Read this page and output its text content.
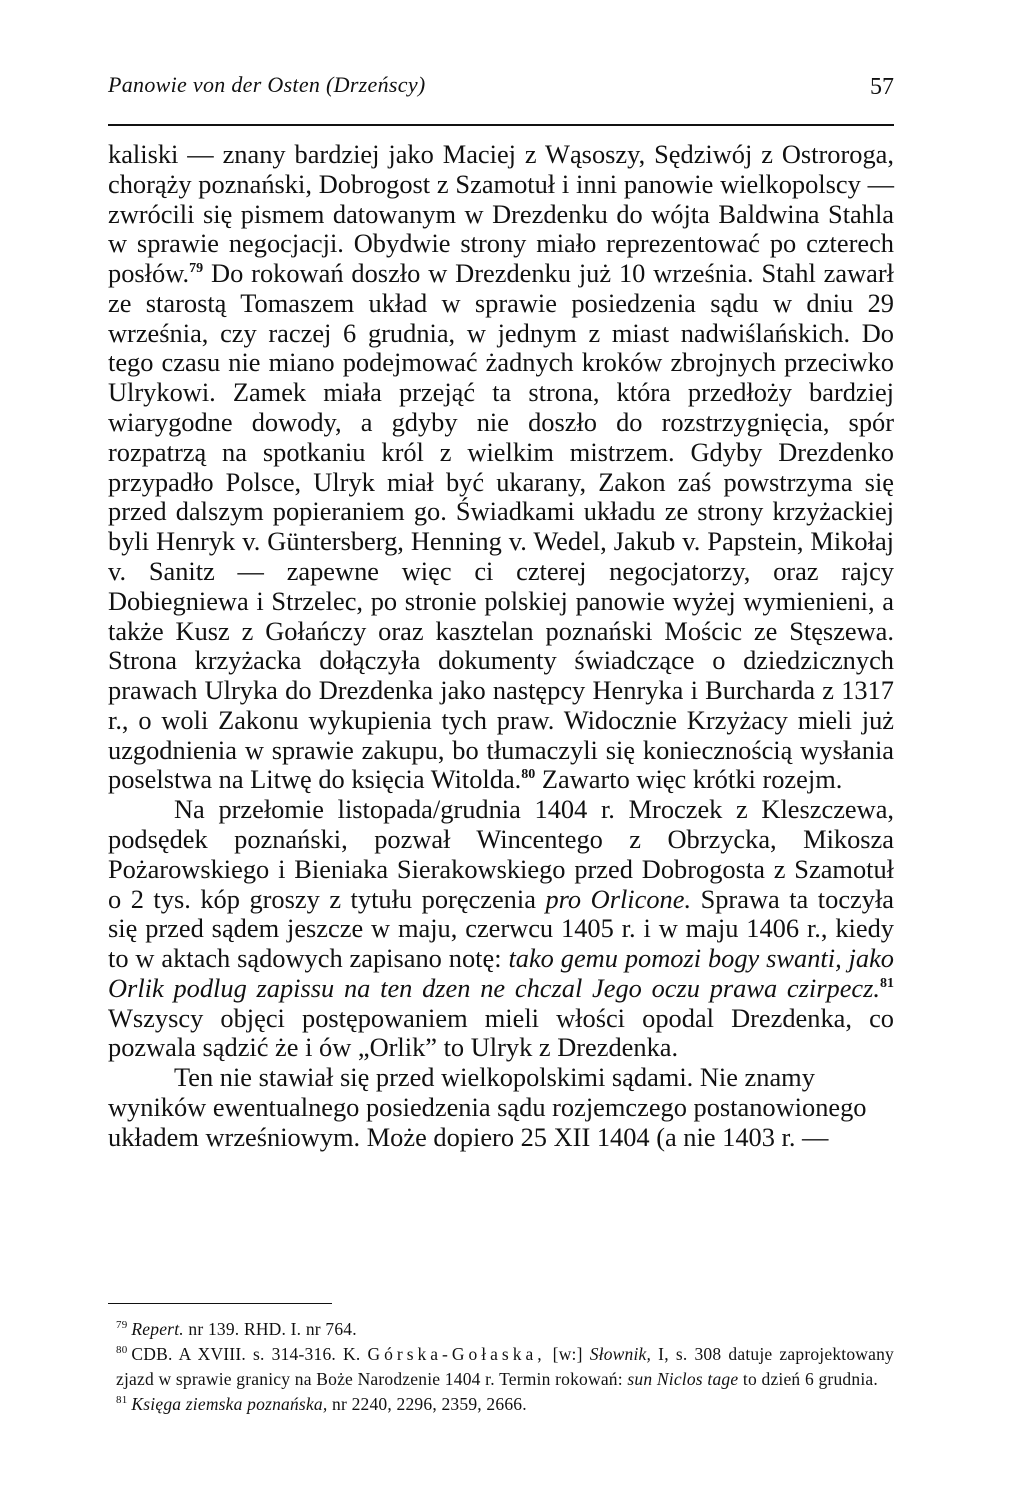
Panowie von der Osten (Drzeńscy)	57

kaliski — znany bardziej jako Maciej z Wąsoszy, Sędziwój z Ostroroga, chorąży poznański, Dobrogost z Szamotuł i inni panowie wielkopolscy — zwrócili się pismem datowanym w Drezdenku do wójta Baldwina Stahla w sprawie negocjacji. Obydwie strony miało reprezentować po czterech posłów.$^{79}$ Do rokowań doszło w Drezdenku już 10 września. Stahl zawarł ze starostą Tomaszem układ w sprawie posiedzenia sądu w dniu 29 września, czy raczej 6 grudnia, w jednym z miast nadwiślańskich. Do tego czasu nie miano podejmować żadnych kroków zbrojnych przeciwko Ulrykowi. Zamek miała przejąć ta strona, która przedłoży bardziej wiarygodne dowody, a gdyby nie doszło do rozstrzygnięcia, spór rozpatrzą na spotkaniu król z wielkim mistrzem. Gdyby Drezdenko przypadło Polsce, Ulryk miał być ukarany, Zakon zaś powstrzyma się przed dalszym popieraniem go. Świadkami układu ze strony krzyżackiej byli Henryk v. Güntersberg, Henning v. Wedel, Jakub v. Papstein, Mikołaj v. Sanitz — zapewne więc ci czterej negocjatorzy, oraz rajcy Dobiegniewa i Strzelec, po stronie polskiej panowie wyżej wymienieni, a także Kusz z Gołańczy oraz kasztelan poznański Mościc ze Stęszewa. Strona krzyżacka dołączyła dokumenty świadczące o dziedzicznych prawach Ulryka do Drezdenka jako następcy Henryka i Burcharda z 1317 r., o woli Zakonu wykupienia tych praw. Widocznie Krzyżacy mieli już uzgodnienia w sprawie zakupu, bo tłumaczyli się koniecznością wysłania poselstwa na Litwę do księcia Witolda.$^{80}$ Zawarto więc krótki rozejm.

Na przełomie listopada/grudnia 1404 r. Mroczek z Kleszczewa, podsędek poznański, pozwał Wincentego z Obrzycka, Mikosza Pożarowskiego i Bieniaka Sierakowskiego przed Dobrogosta z Szamotuł o 2 tys. kóp groszy z tytułu poręczenia pro Orlicone. Sprawa ta toczyła się przed sądem jeszcze w maju, czerwcu 1405 r. i w maju 1406 r., kiedy to w aktach sądowych zapisano notę: tako gemu pomozi bogy swanti, jako Orlik podlug zapissu na ten dzen ne chczal Jego oczu prawa czirpecz.$^{81}$ Wszyscy objęci postępowaniem mieli włości opodal Drezdenka, co pozwala sądzić że i ów „Orlik” to Ulryk z Drezdenka.

Ten nie stawiał się przed wielkopolskimi sądami. Nie znamy wyników ewentualnego posiedzenia sądu rozjemczego postanowionego układem wrześniowym. Może dopiero 25 XII 1404 (a nie 1403 r. —

$^{79}$ Repert. nr 139. RHD. I. nr 764.
$^{80}$ CDB. A XVIII. s. 314-316. K. Górska-Gołaska, [w:] Słownik, I, s. 308 datuje zaprojektowany zjazd w sprawie granicy na Boże Narodzenie 1404 r. Termin rokowań: sun Niclos tage to dzień 6 grudnia.
$^{81}$ Księga ziemska poznańska, nr 2240, 2296, 2359, 2666.
